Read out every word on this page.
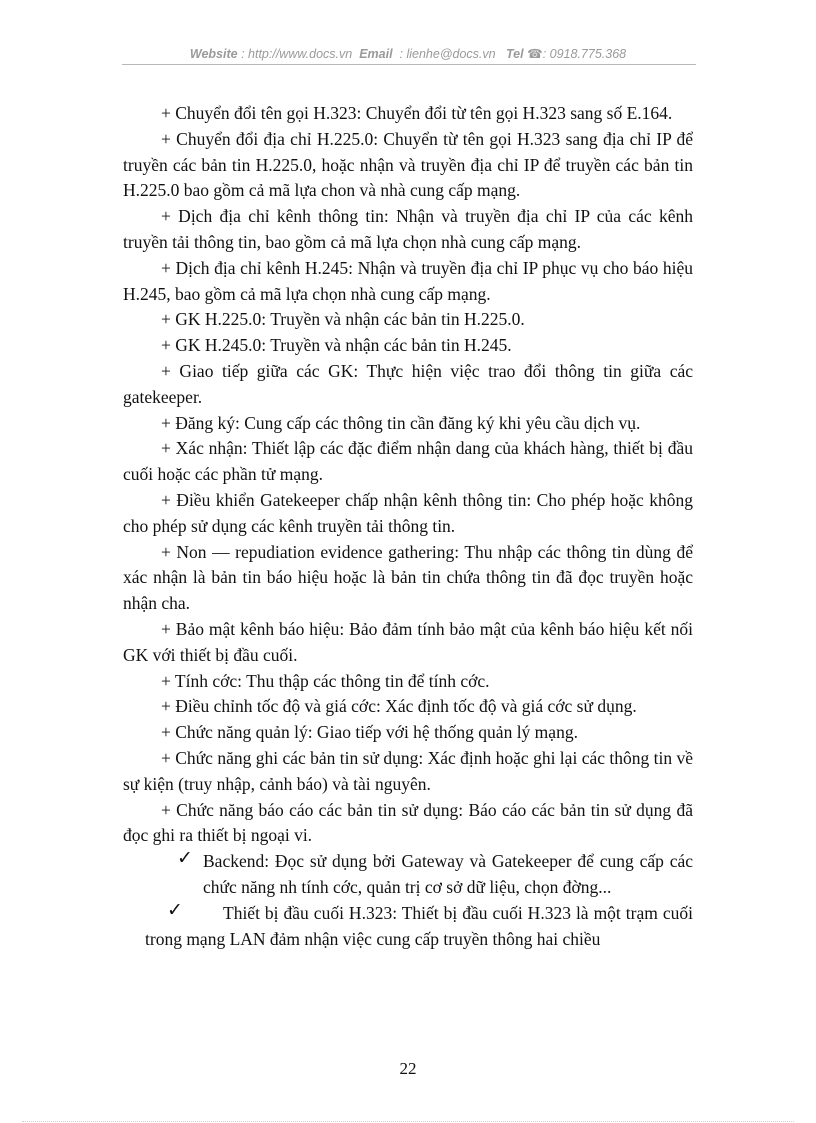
Website : http://www.docs.vn Email : lienhe@docs.vn Tel ☎: 0918.775.368

+ Chuyển đổi tên gọi H.323: Chuyển đổi từ tên gọi H.323 sang số E.164.

+ Chuyển đổi địa chỉ H.225.0: Chuyển từ tên gọi H.323 sang địa chỉ IP để truyền các bản tin H.225.0, hoặc nhận và truyền địa chỉ IP để truyền các bản tin H.225.0 bao gồm cả mã lựa chon và nhà cung cấp mạng.

+ Dịch địa chỉ kênh thông tin: Nhận và truyền địa chỉ IP của các kênh truyền tải thông tin, bao gồm cả mã lựa chọn nhà cung cấp mạng.

+ Dịch địa chỉ kênh H.245: Nhận và truyền địa chỉ IP phục vụ cho báo hiệu H.245, bao gồm cả mã lựa chọn nhà cung cấp mạng.

+ GK H.225.0: Truyền và nhận các bản tin H.225.0.

+ GK H.245.0: Truyền và nhận các bản tin H.245.

+ Giao tiếp giữa các GK: Thực hiện việc trao đổi thông tin giữa các gatekeeper.

+ Đăng ký: Cung cấp các thông tin cần đăng ký khi yêu cầu dịch vụ.

+ Xác nhận: Thiết lập các đặc điểm nhận dang của khách hàng, thiết bị đầu cuối hoặc các phần tử mạng.

+ Điều khiển Gatekeeper chấp nhận kênh thông tin: Cho phép hoặc không cho phép sử dụng các kênh truyền tải thông tin.

+ Non — repudiation evidence gathering: Thu nhập các thông tin dùng để xác nhận là bản tin báo hiệu hoặc là bản tin chứa thông tin đã đọc truyền hoặc nhận cha.

+ Bảo mật kênh báo hiệu: Bảo đảm tính bảo mật của kênh báo hiệu kết nối GK với thiết bị đầu cuối.

+ Tính cớc: Thu thập các thông tin để tính cớc.

+ Điều chỉnh tốc độ và giá cớc: Xác định tốc độ và giá cớc sử dụng.

+ Chức năng quản lý: Giao tiếp với hệ thống quản lý mạng.

+ Chức năng ghi các bản tin sử dụng: Xác định hoặc ghi lại các thông tin về sự kiện (truy nhập, cảnh báo) và tài nguyên.

+ Chức năng báo cáo các bản tin sử dụng: Báo cáo các bản tin sử dụng đã đọc ghi ra thiết bị ngoại vi.

✓ Backend: Đọc sử dụng bởi Gateway và Gatekeeper để cung cấp các chức năng nh tính cớc, quản trị cơ sở dữ liệu, chọn đờng...
✓ Thiết bị đầu cuối H.323: Thiết bị đầu cuối H.323 là một trạm cuối trong mạng LAN đảm nhận việc cung cấp truyền thông hai chiều
22
